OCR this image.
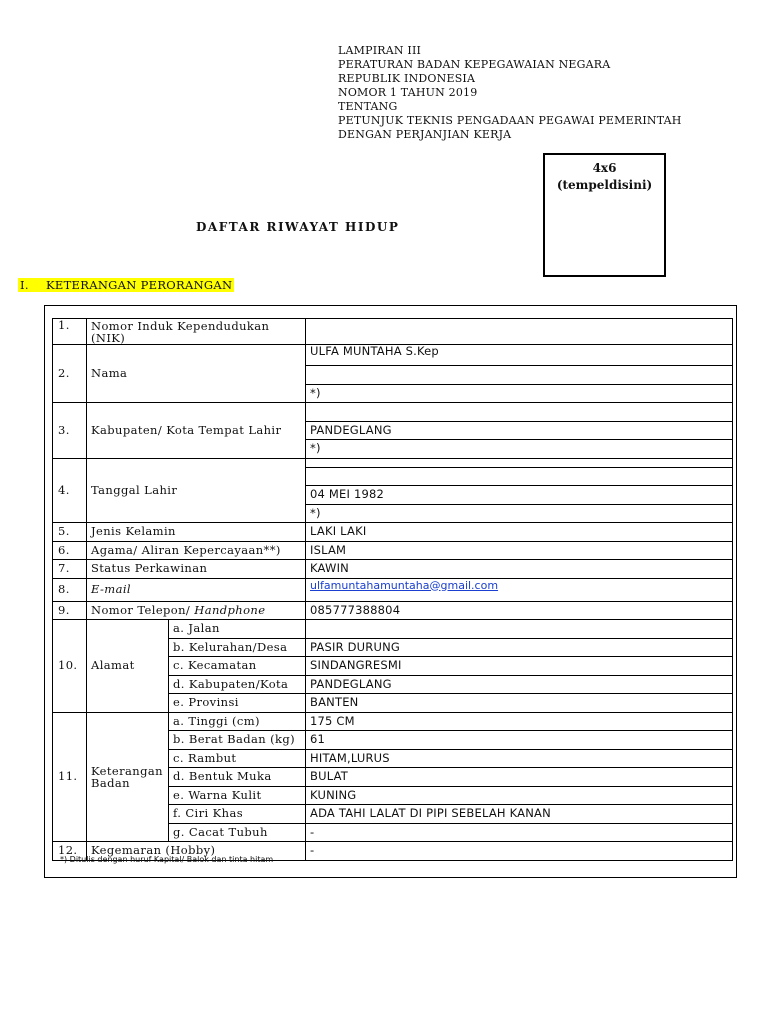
LAMPIRAN III
PERATURAN BADAN KEPEGAWAIAN NEGARA
REPUBLIK INDONESIA
NOMOR 1 TAHUN 2019
TENTANG
PETUNJUK TEKNIS PENGADAAN PEGAWAI PEMERINTAH
DENGAN PERJANJIAN KERJA
4x6
(tempeldisini)
DAFTAR RIWAYAT HIDUP
I. KETERANGAN PERORANGAN
1.	Nomor Induk Kependudukan (NIK)		
2.	Nama		ULFA MUNTAHA S.Kep

			*)
3.	Kabupaten/ Kota Tempat Lahir		
			PANDEGLANG
			*)
4.	Tanggal Lahir		

			04 MEI 1982
			*)
5.	Jenis Kelamin		LAKI LAKI
6.	Agama/ Aliran Kepercayaan**)		ISLAM
7.	Status Perkawinan		KAWIN
8.	E-mail		ulfamuntahamuntaha@gmail.com
9.	Nomor Telepon/ Handphone		085777388804
10.	Alamat	a. Jalan	
		b. Kelurahan/Desa	PASIR DURUNG
		c. Kecamatan	SINDANGRESMI
		d. Kabupaten/Kota	PANDEGLANG
		e. Provinsi	BANTEN
11.	Keterangan Badan	a. Tinggi (cm)	175 CM
		b. Berat Badan (kg)	61
		c. Rambut	HITAM,LURUS
		d. Bentuk Muka	BULAT
		e. Warna Kulit	KUNING
		f. Ciri Khas	ADA TAHI LALAT DI PIPI SEBELAH KANAN
		g. Cacat Tubuh	-
12.	Kegemaran (Hobby)		-
*) Ditulis dengan huruf Kapital/ Balok dan tinta hitam
